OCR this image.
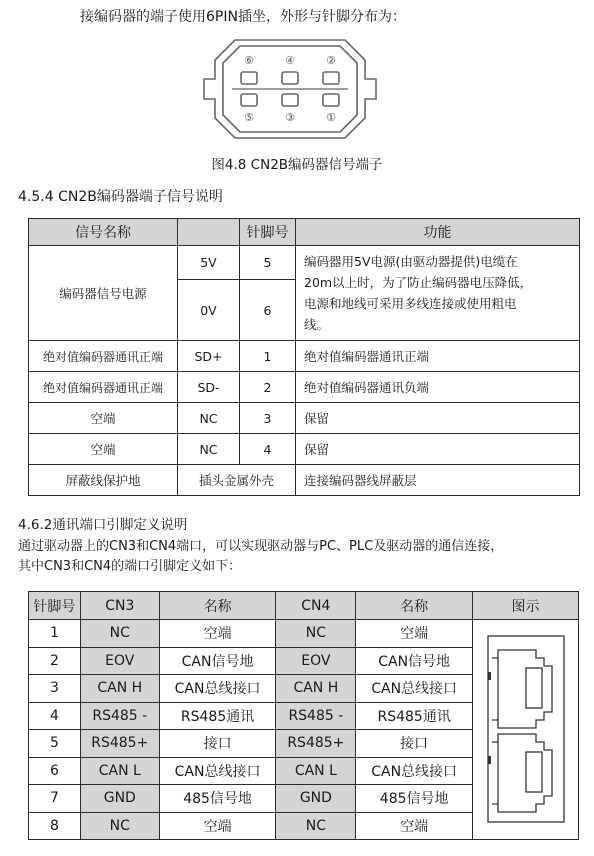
接编码器的端子使用6PIN插坐，外形与针脚分布为：
⑥	④	②
⑤	③	①
图4.8 CN2B编码器信号端子
4.5.4 CN2B编码器端子信号说明
信号名称		针脚号	功能
编码器信号电源	5V	5	编码器用5V电源(由驱动器提供)电缆在
20m以上时，为了防止编码器电压降低，
电源和地线可采用多线连接或使用粗电
线。

	0V	6	
绝对值编码器通讯正端	SD+	1	绝对值编码器通讯正端
绝对值编码器通讯正端	SD-	2	绝对值编码器通讯负端
空端	NC	3	保留
空端	NC	4	保留
屏蔽线保护地	插头金属外壳		连接编码器线屏蔽层
4.6.2通讯端口引脚定义说明
通过驱动器上的CN3和CN4端口，可以实现驱动器与PC、PLC及驱动器的通信连接，
其中CN3和CN4的端口引脚定义如下：
针脚号	CN3	名称	CN4	名称	图示
1	NC	空端	NC	空端	
2	EOV	CAN信号地	EOV	CAN信号地	
3	CAN H	CAN总线接口	CAN H	CAN总线接口	
4	RS485 -	RS485通讯	RS485 -	RS485通讯	
5	RS485+	接口	RS485+	接口	
6	CAN L	CAN总线接口	CAN L	CAN总线接口	
7	GND	485信号地	GND	485信号地	
8	NC	空端	NC	空端	
